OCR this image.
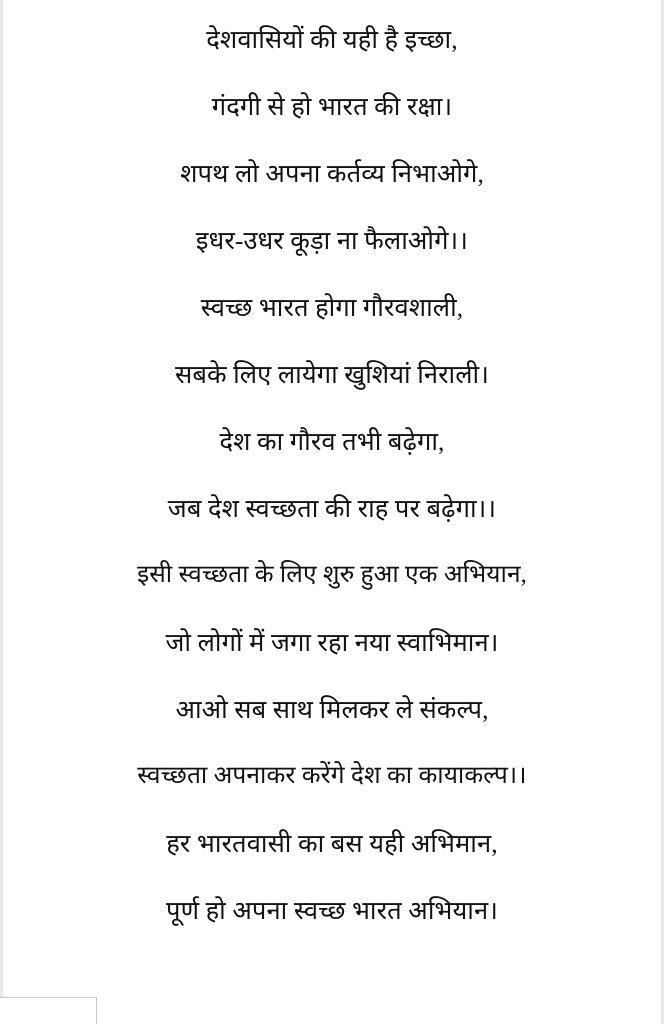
देशवासियों की यही है इच्छा,

गंदगी से हो भारत की रक्षा।

शपथ लो अपना कर्तव्य निभाओगे,

इधर-उधर कूड़ा ना फैलाओगे।।

स्वच्छ भारत होगा गौरवशाली,

सबके लिए लायेगा खुशियां निराली।

देश का गौरव तभी बढ़ेगा,

जब देश स्वच्छता की राह पर बढ़ेगा।।

इसी स्वच्छता के लिए शुरु हुआ एक अभियान,

जो लोगों में जगा रहा नया स्वाभिमान।

आओ सब साथ मिलकर ले संकल्प,

स्वच्छता अपनाकर करेंगे देश का कायाकल्प।।

हर भारतवासी का बस यही अभिमान,

पूर्ण हो अपना स्वच्छ भारत अभियान।
